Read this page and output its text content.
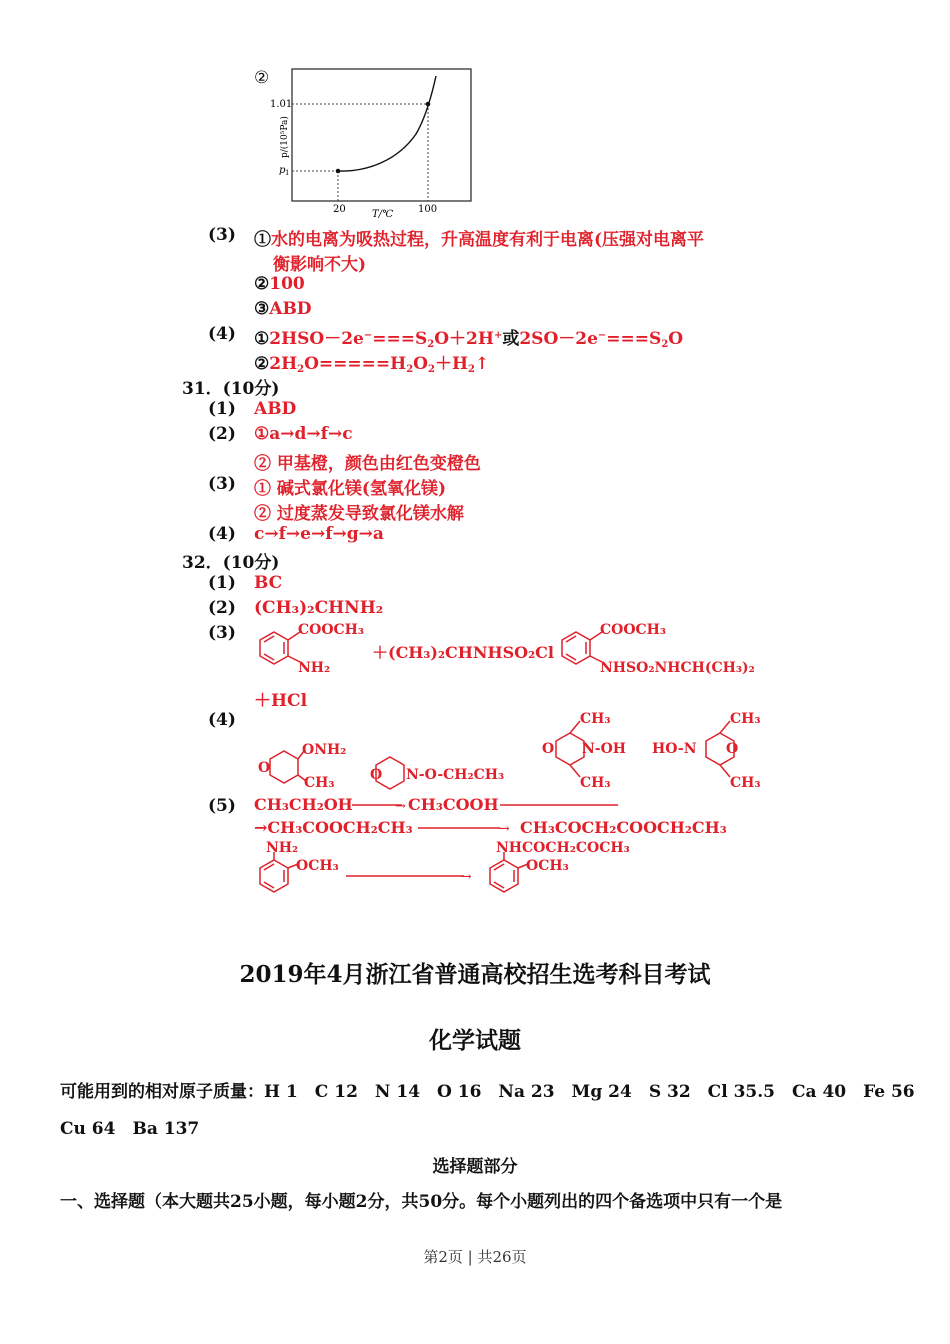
②
1.01
p 1
p/(10⁵Pa)
20	100
T/℃
(3) ①水的电离为吸热过程，升高温度有利于电离(压强对电离平
衡影响不大)
②100
③ABD
(4) $①2HSO-2e^-===S_2O+2H^+$或$2SO-2e^-===S_2O$
$②2H_2O=====H_2O_2+H_2↑$
31．(10分)
(1) ABD
(2) ①a→d→f→c
② 甲基橙，颜色由红色变橙色
(3) ① 碱式氯化镁(氢氧化镁)
② 过度蒸发导致氯化镁水解
(4) c→f→e→f→g→a
32．(10分)
(1) BC
(2) (CH₃)₂CHNH₂
(3)	COOCH₃
NH₂
＋(CH₃)₂CHNHSO₂Cl
COOCH₃
NHSO₂NHCH(CH₃)₂
＋HCl
(4)
ONH₂
CH₃
O	O N-O-CH₂CH₃
CH₃
O N-OH
CH₃
CH₃
HO-N O
CH₃
(5) CH₃CH₂OH	→ CH₃COOH
→CH₃COOCH₂CH₃	→ CH₃COCH₂COOCH₂CH₃
NH₂
OCH₃
→
NHCOCH₂COCH₃
OCH₃
2019年4月浙江省普通高校招生选考科目考试
化学试题
可能用到的相对原子质量：H 1　C 12　N 14　O 16　Na 23　Mg 24　S 32　Cl 35.5　Ca 40　Fe 56
Cu 64　Ba 137
选择题部分
一、选择题（本大题共25小题，每小题2分，共50分。每个小题列出的四个备选项中只有一个是
第2页 | 共26页
